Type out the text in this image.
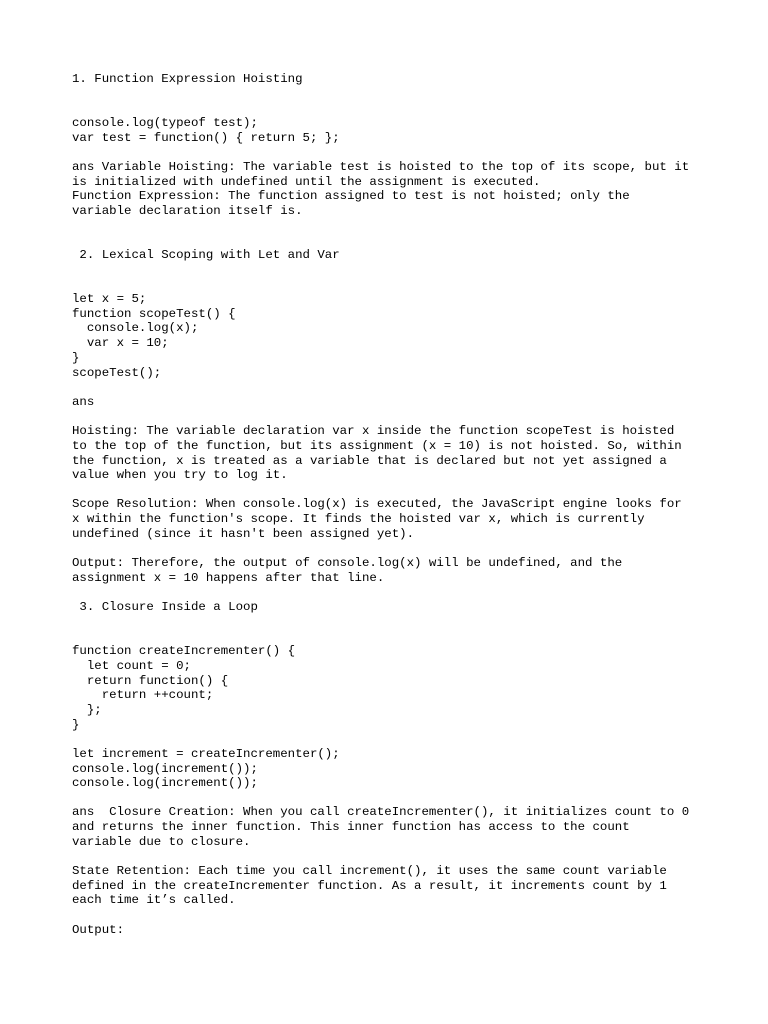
1. Function Expression Hoisting

console.log(typeof test);

var test = function() { return 5; };

ans Variable Hoisting: The variable test is hoisted to the top of its scope, but it

is initialized with undefined until the assignment is executed.

Function Expression: The function assigned to test is not hoisted; only the

variable declaration itself is.

2. Lexical Scoping with Let and Var

let x = 5;

function scopeTest() {

console.log(x);

var x = 10;

}

scopeTest();

ans

Hoisting: The variable declaration var x inside the function scopeTest is hoisted

to the top of the function, but its assignment (x = 10) is not hoisted. So, within

the function, x is treated as a variable that is declared but not yet assigned a

value when you try to log it.

Scope Resolution: When console.log(x) is executed, the JavaScript engine looks for

x within the function's scope. It finds the hoisted var x, which is currently

undefined (since it hasn't been assigned yet).

Output: Therefore, the output of console.log(x) will be undefined, and the

assignment x = 10 happens after that line.

3. Closure Inside a Loop

function createIncrementer() {

let count = 0;

return function() {

return ++count;

};

}

let increment = createIncrementer();

console.log(increment());

console.log(increment());

ans  Closure Creation: When you call createIncrementer(), it initializes count to 0

and returns the inner function. This inner function has access to the count

variable due to closure.

State Retention: Each time you call increment(), it uses the same count variable

defined in the createIncrementer function. As a result, it increments count by 1

each time it’s called.

Output:
